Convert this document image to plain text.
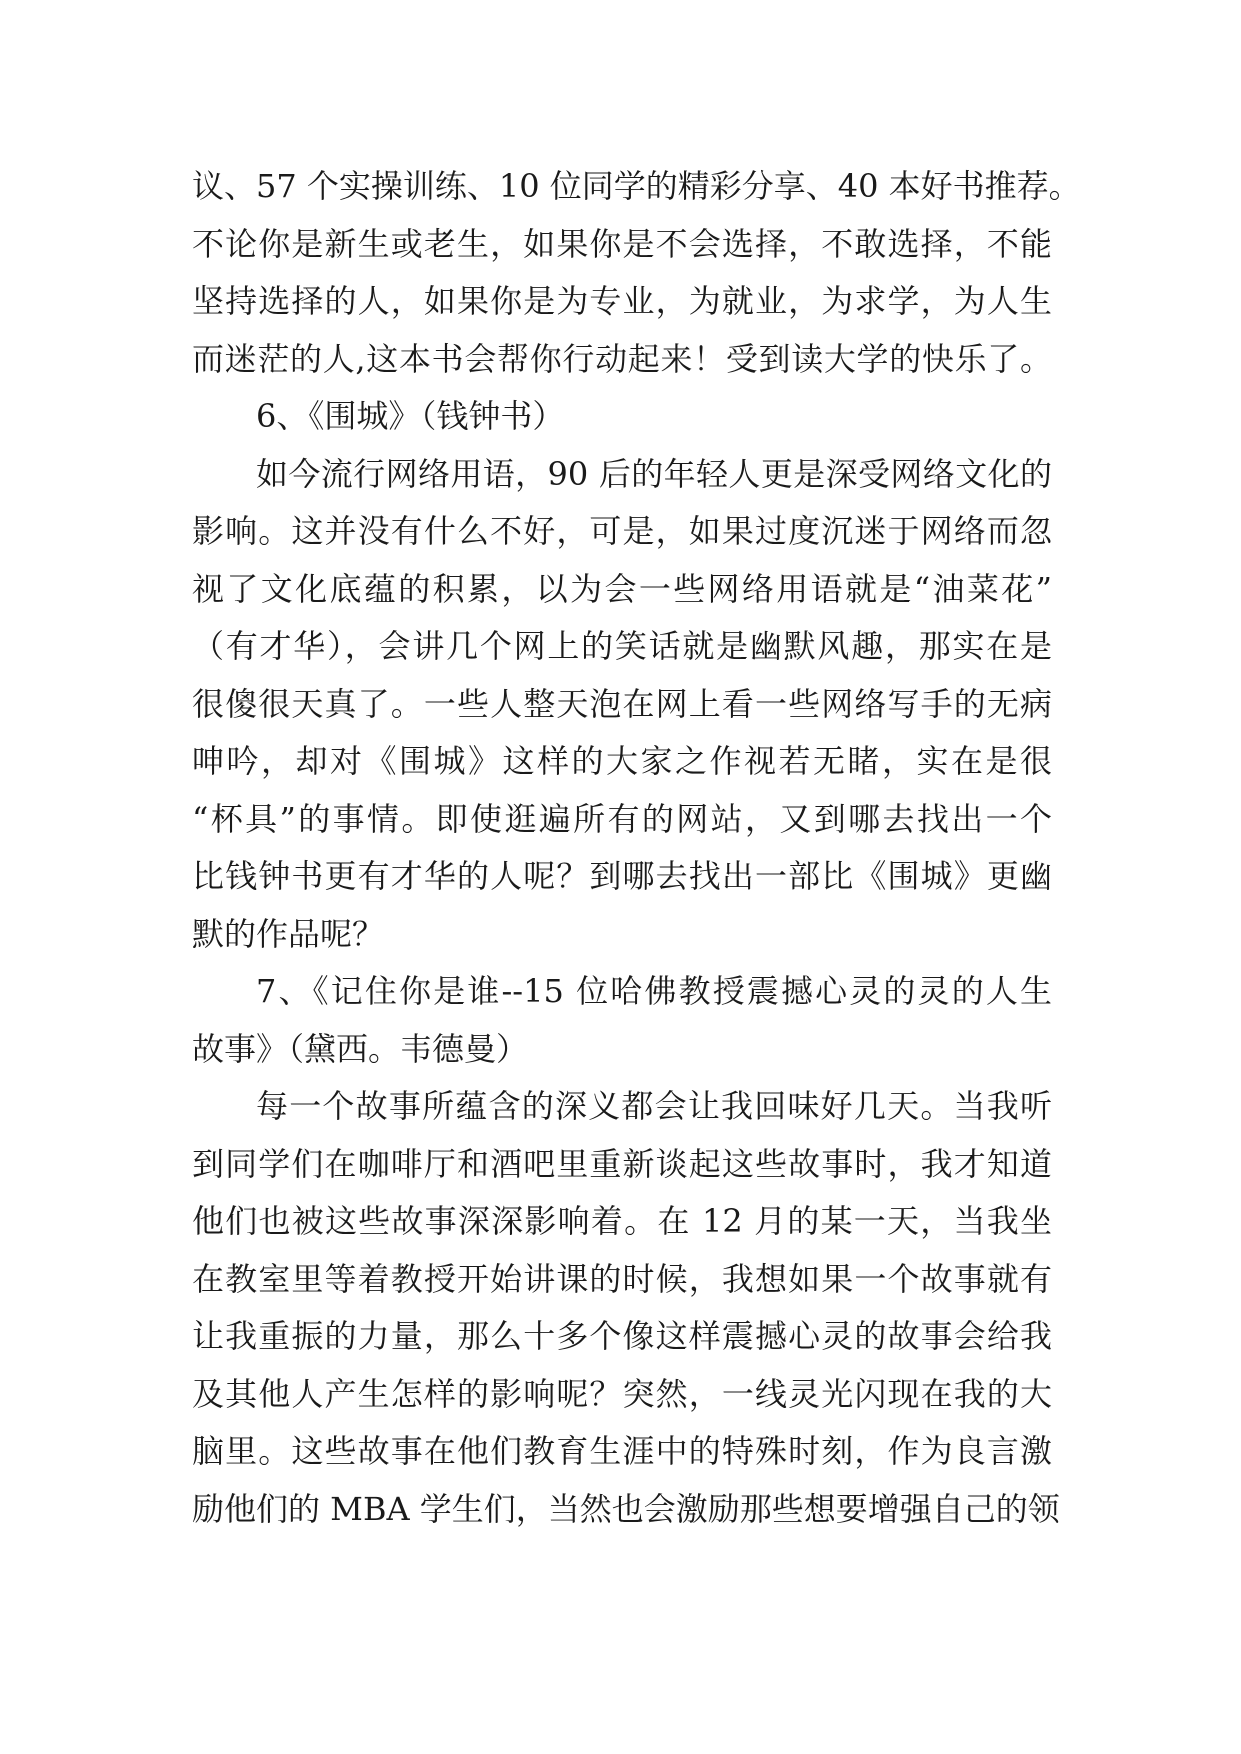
议、57 个实操训练、10 位同学的精彩分享、40 本好书推荐。
不论你是新生或老生，如果你是不会选择，不敢选择，不能
坚持选择的人，如果你是为专业，为就业，为求学，为人生
而迷茫的人,这本书会帮你行动起来！受到读大学的快乐了。
6、《围城》（钱钟书）
如今流行网络用语，90 后的年轻人更是深受网络文化的
影响。这并没有什么不好，可是，如果过度沉迷于网络而忽
视了文化底蕴的积累，以为会一些网络用语就是“油菜花”
（有才华），会讲几个网上的笑话就是幽默风趣，那实在是
很傻很天真了。一些人整天泡在网上看一些网络写手的无病
呻吟，却对《围城》这样的大家之作视若无睹，实在是很
“杯具”的事情。即使逛遍所有的网站，又到哪去找出一个
比钱钟书更有才华的人呢？到哪去找出一部比《围城》更幽
默的作品呢？
7、《记住你是谁--15 位哈佛教授震撼心灵的灵的人生
故事》（黛西。韦德曼）
每一个故事所蕴含的深义都会让我回味好几天。当我听
到同学们在咖啡厅和酒吧里重新谈起这些故事时，我才知道
他们也被这些故事深深影响着。在 12 月的某一天，当我坐
在教室里等着教授开始讲课的时候，我想如果一个故事就有
让我重振的力量，那么十多个像这样震撼心灵的故事会给我
及其他人产生怎样的影响呢？突然，一线灵光闪现在我的大
脑里。这些故事在他们教育生涯中的特殊时刻，作为良言激
励他们的 MBA 学生们，当然也会激励那些想要增强自己的领
